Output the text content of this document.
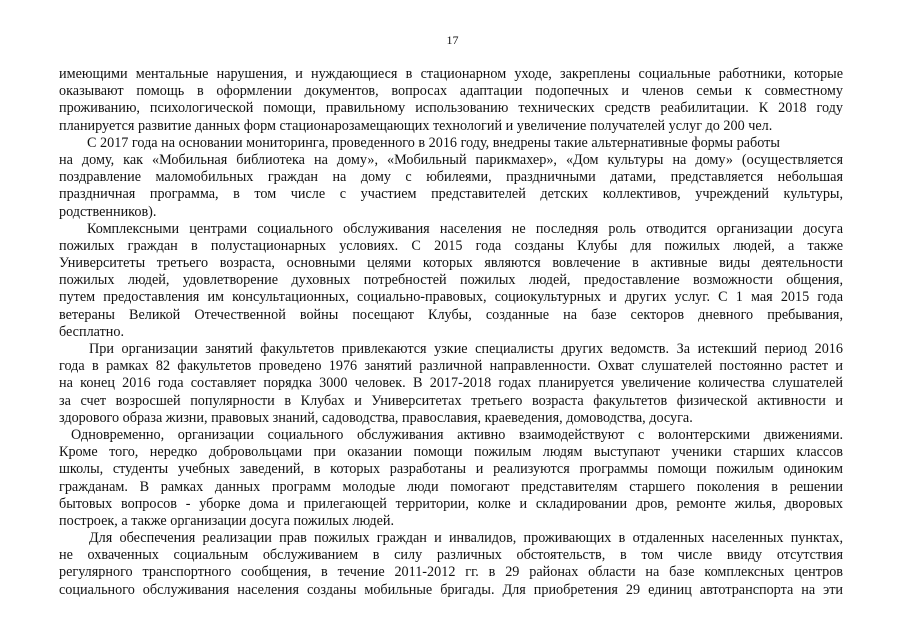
17
имеющими ментальные нарушения, и нуждающиеся в стационарном уходе, закреплены социальные работники, которые
оказывают помощь в оформлении документов, вопросах адаптации подопечных и членов семьи к совместному
проживанию, психологической помощи, правильному использованию технических средств реабилитации. К 2018 году
планируется развитие данных форм стационарозамещающих технологий и увеличение получателей услуг до 200 чел.
С 2017 года на основании мониторинга, проведенного в 2016 году, внедрены такие альтернативные формы работы
на дому, как «Мобильная библиотека на дому», «Мобильный парикмахер», «Дом культуры на дому» (осуществляется
поздравление маломобильных граждан на дому с юбилеями, праздничными датами, представляется небольшая
праздничная программа, в том числе с участием представителей детских коллективов, учреждений культуры,
родственников).
Комплексными центрами социального обслуживания населения не последняя роль отводится организации досуга
пожилых граждан в полустационарных условиях. С 2015 года созданы Клубы для пожилых людей, а также
Университеты третьего возраста, основными целями которых являются вовлечение в активные виды деятельности
пожилых людей, удовлетворение духовных потребностей пожилых людей, предоставление возможности общения,
путем предоставления им консультационных, социально-правовых, социокультурных и других услуг. С 1 мая 2015 года
ветераны Великой Отечественной войны посещают Клубы, созданные на базе секторов дневного пребывания,
бесплатно.
При организации занятий факультетов привлекаются узкие специалисты других ведомств. За истекший период 2016
года в рамках 82 факультетов проведено 1976 занятий различной направленности. Охват слушателей постоянно растет и
на конец 2016 года составляет порядка 3000 человек. В 2017-2018 годах планируется увеличение количества слушателей
за счет возросшей популярности в Клубах и Университетах третьего возраста факультетов физической активности и
здорового образа жизни, правовых знаний, садоводства, православия, краеведения, домоводства, досуга.
Одновременно, организации социального обслуживания активно взаимодействуют с волонтерскими движениями.
Кроме того, нередко добровольцами при оказании помощи пожилым людям выступают ученики старших классов
школы, студенты учебных заведений, в которых разработаны и реализуются программы помощи пожилым одиноким
гражданам. В рамках данных программ молодые люди помогают представителям старшего поколения в решении
бытовых вопросов - уборке дома и прилегающей территории, колке и складировании дров, ремонте жилья, дворовых
построек, а также организации досуга пожилых людей.
Для обеспечения реализации прав пожилых граждан и инвалидов, проживающих в отдаленных населенных пунктах,
не охваченных социальным обслуживанием в силу различных обстоятельств, в том числе ввиду отсутствия
регулярного транспортного сообщения, в течение 2011-2012 гг. в 29 районах области на базе комплексных центров
социального обслуживания населения созданы мобильные бригады. Для приобретения 29 единиц автотранспорта на эти
